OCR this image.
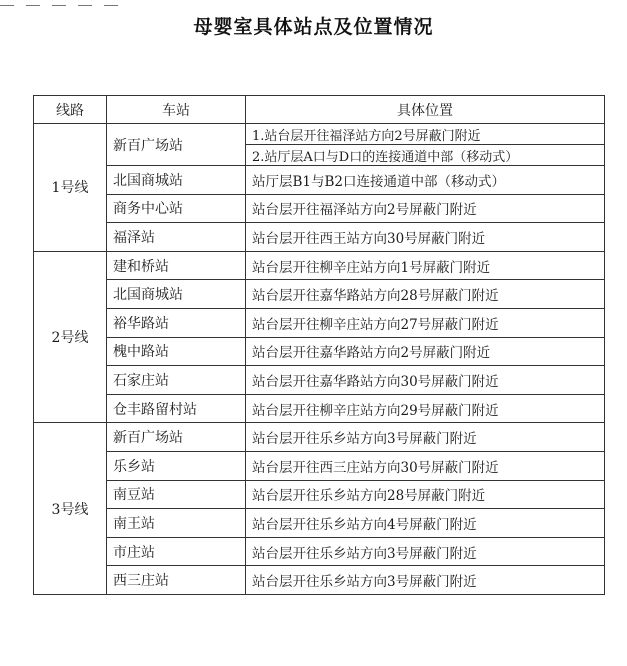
母婴室具体站点及位置情况
线路	车站	具体位置
1号线	新百广场站	1.站台层开往福泽站方向2号屏蔽门附近
		2.站厅层A口与D口的连接通道中部（移动式）
	北国商城站	站厅层B1与B2口连接通道中部（移动式）
	商务中心站	站台层开往福泽站方向2号屏蔽门附近
	福泽站	站台层开往西王站方向30号屏蔽门附近
2号线	建和桥站	站台层开往柳辛庄站方向1号屏蔽门附近
	北国商城站	站台层开往嘉华路站方向28号屏蔽门附近
	裕华路站	站台层开往柳辛庄站方向27号屏蔽门附近
	槐中路站	站台层开往嘉华路站方向2号屏蔽门附近
	石家庄站	站台层开往嘉华路站方向30号屏蔽门附近
	仓丰路留村站	站台层开往柳辛庄站方向29号屏蔽门附近
3号线	新百广场站	站台层开往乐乡站方向3号屏蔽门附近
	乐乡站	站台层开往西三庄站方向30号屏蔽门附近
	南豆站	站台层开往乐乡站方向28号屏蔽门附近
	南王站	站台层开往乐乡站方向4号屏蔽门附近
	市庄站	站台层开往乐乡站方向3号屏蔽门附近
	西三庄站	站台层开往乐乡站方向3号屏蔽门附近
